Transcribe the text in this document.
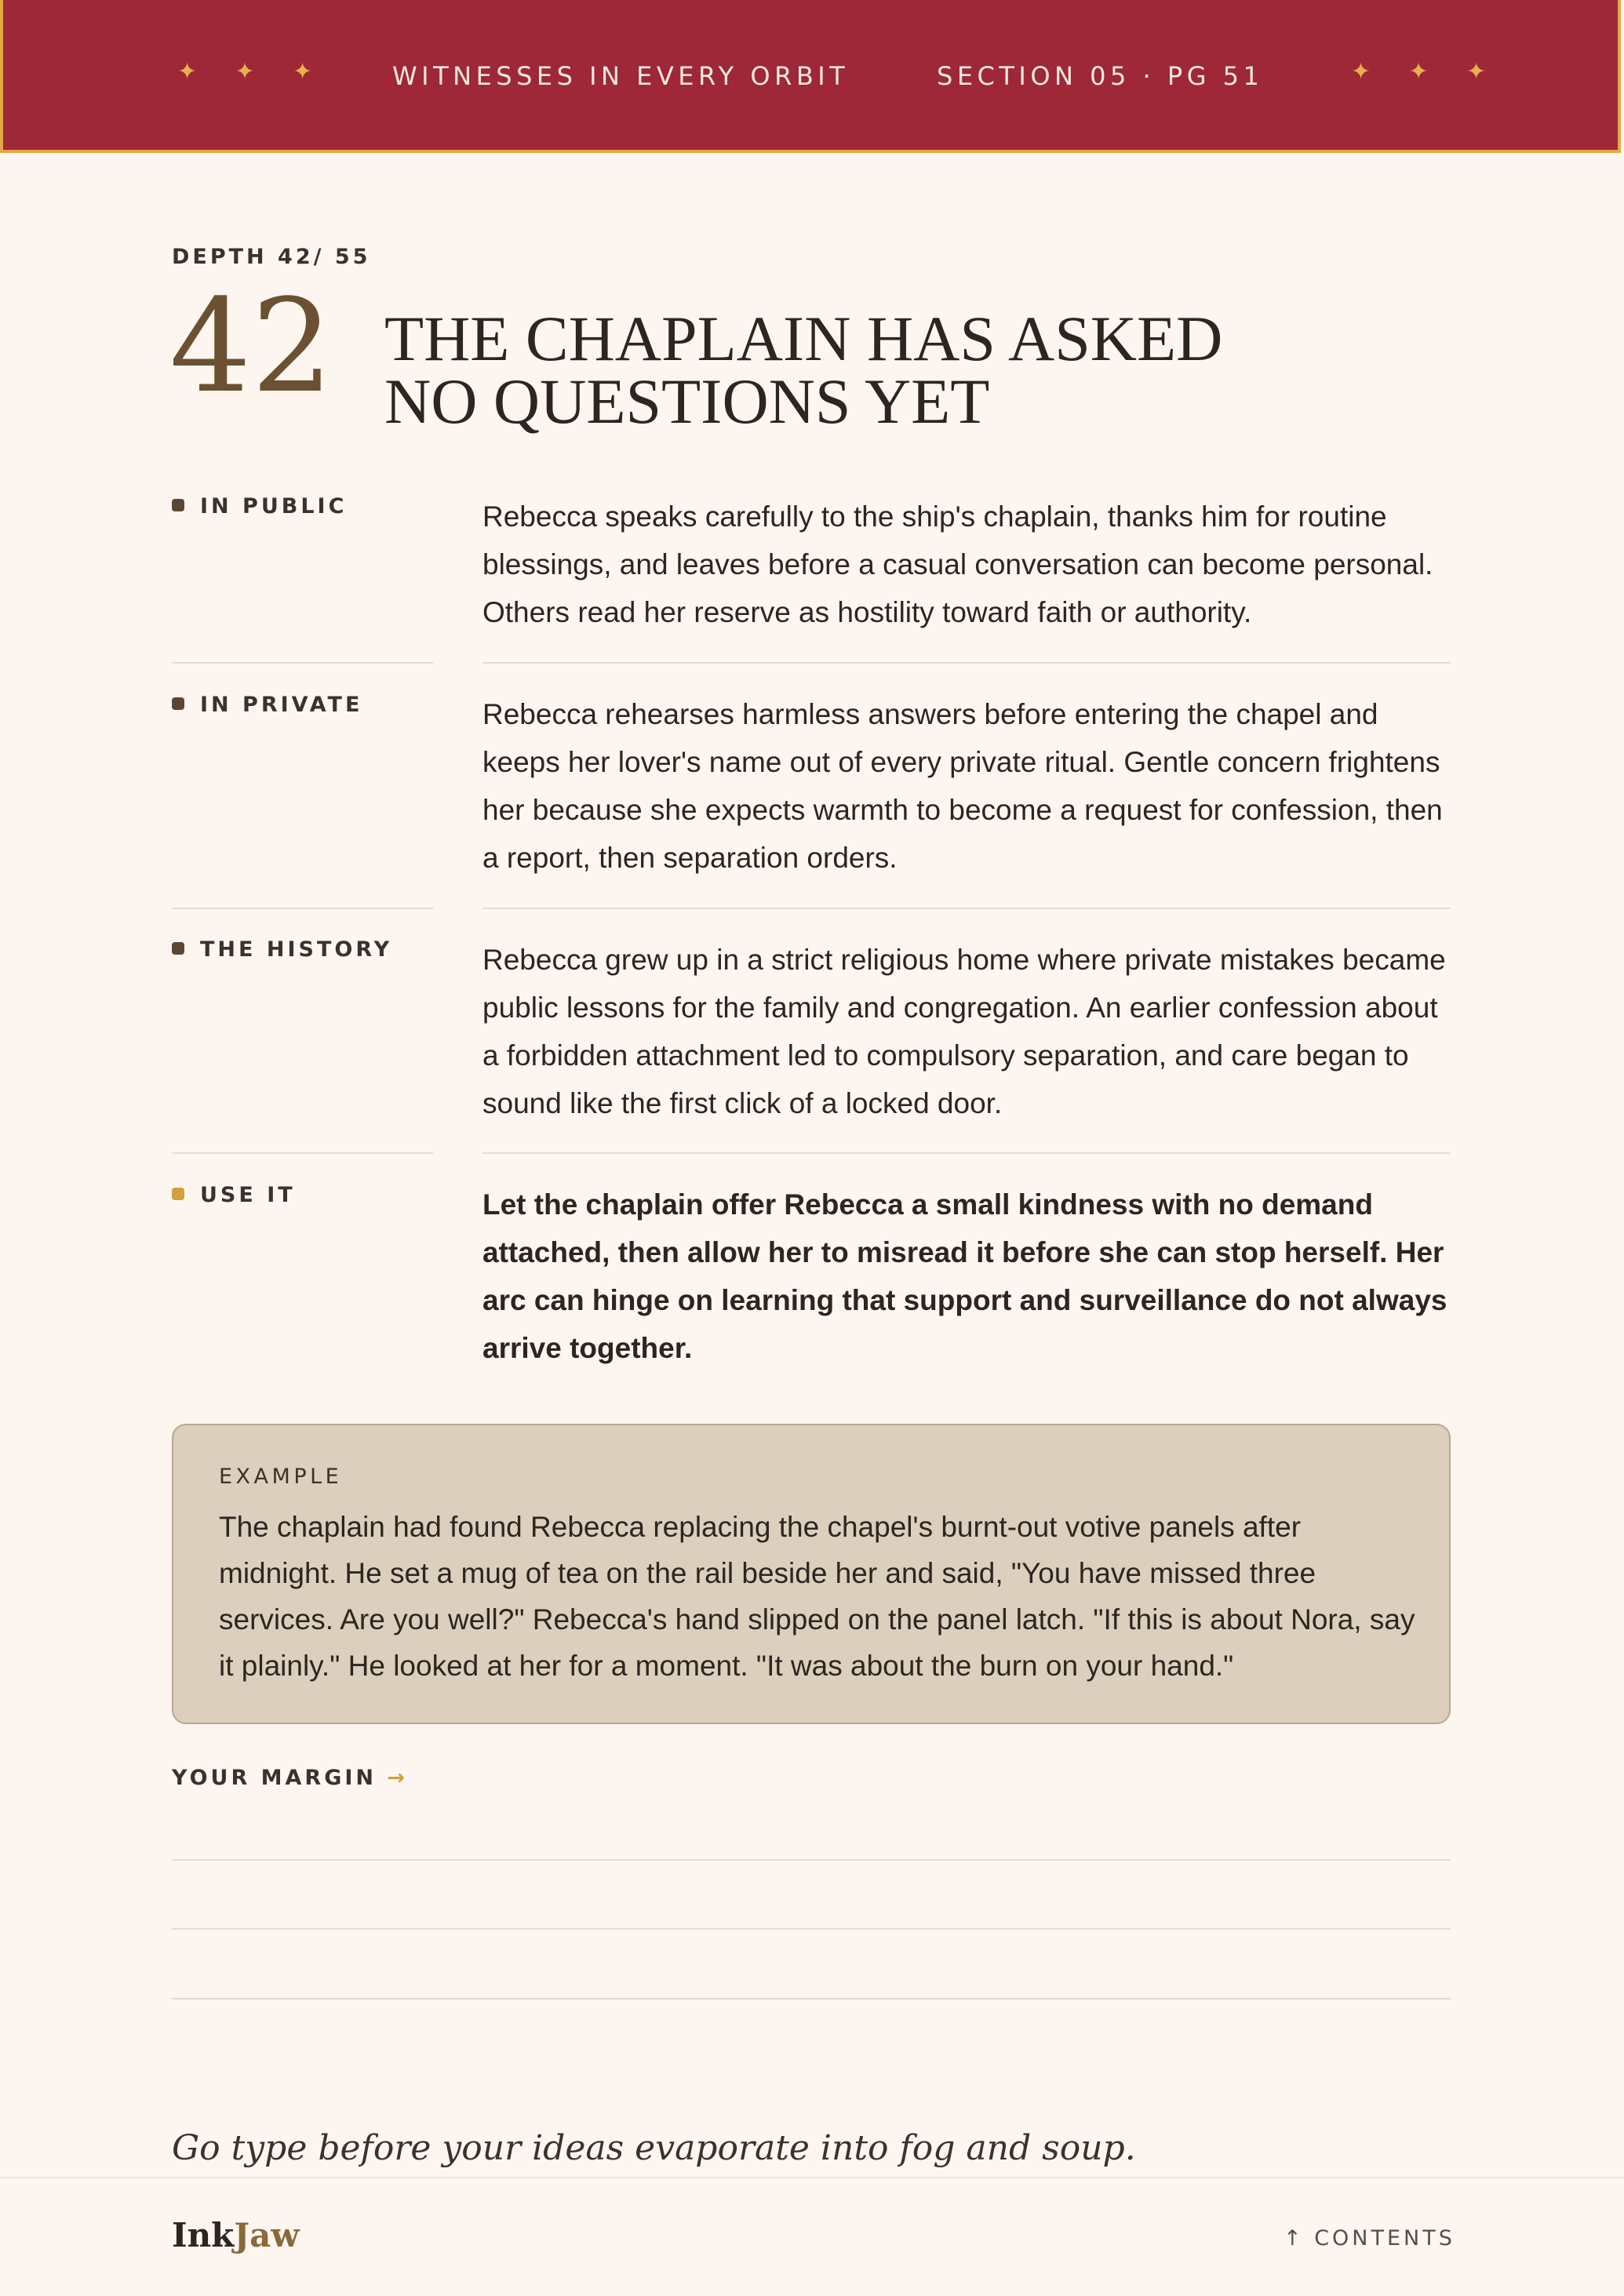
✦ ✦ ✦	WITNESSES IN EVERY ORBIT	SECTION 05 · PG 51	✦ ✦ ✦
DEPTH 42/ 55
42 THE CHAPLAIN HAS ASKED
NO QUESTIONS YET
IN PUBLIC	Rebecca speaks carefully to the ship's chaplain, thanks him for routine blessings, and leaves before a casual conversation can become personal. Others read her reserve as hostility toward faith or authority.
IN PRIVATE	Rebecca rehearses harmless answers before entering the chapel and keeps her lover's name out of every private ritual. Gentle concern frightens her because she expects warmth to become a request for confession, then a report, then separation orders.
THE HISTORY	Rebecca grew up in a strict religious home where private mistakes became public lessons for the family and congregation. An earlier confession about a forbidden attachment led to compulsory separation, and care began to sound like the first click of a locked door.
USE IT	Let the chaplain offer Rebecca a small kindness with no demand attached, then allow her to misread it before she can stop herself. Her arc can hinge on learning that support and surveillance do not always arrive together.
EXAMPLE
The chaplain had found Rebecca replacing the chapel's burnt-out votive panels after midnight. He set a mug of tea on the rail beside her and said, "You have missed three services. Are you well?" Rebecca's hand slipped on the panel latch. "If this is about Nora, say it plainly." He looked at her for a moment. "It was about the burn on your hand."
YOUR MARGIN →
Go type before your ideas evaporate into fog and soup.
InkJaw	↑ CONTENTS
